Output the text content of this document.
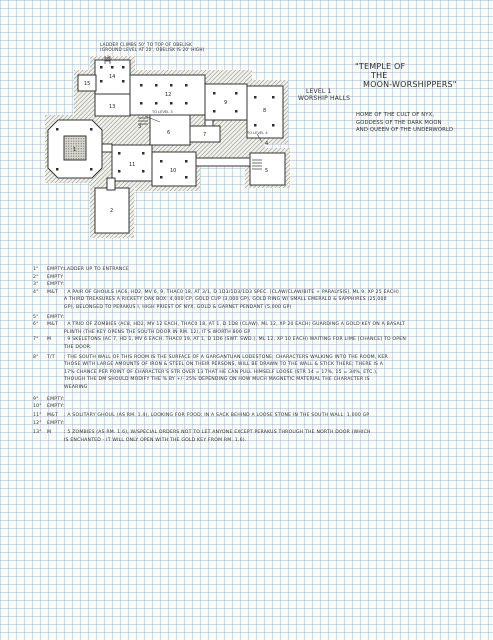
1
2
3
4
5
6	7
8
9
10
11
12
13
14
15
TO LEVEL 3
TO LEVEL 4
LADDER CLIMBS 50' TO TOP OF OBELISK
(GROUND LEVEL AT 20', OBELISK IS 20' HIGH)
LEVEL 1
WORSHIP HALLS
"TEMPLE OF
THE
MOON-WORSHIPPERS"
HOME OF THE CULT OF NYX,
GODDESS OF THE DARK MOON
AND QUEEN OF THE UNDERWORLD
1°	EMPTY: LADDER UP TO ENTRANCE
2°	EMPTY

3°	EMPTY:

4°	M&T	: A PAIR OF GHOULS (AC6, HD2, MV 6, 9, THAC0 18, AT 3/1, D 1D3/1D3/1D3 SPEC. [CLAW/CLAW/BITE + PARALYSIS], ML 9, XP 25 EACH)
A THIRD TREASURES A RICKETY OAK BOX: 4,000 CP, GOLD CUP (3,000 GP), GOLD RING W/ SMALL EMERALD & SAPPHIRES (25,000
GP), BELONGED TO PERAKUS I, HIGH PRIEST OF NYX, GOLD & GARNET PENDANT (5,000 GP)
5°	EMPTY:

6°	M&T	: A TRIO OF ZOMBIES (AC8, HD2, MV 12 EACH, THAC0 18, AT 1, D 1D8 (CLAW), ML 12, XP 20 EACH) GUARDING A GOLD KEY ON A BASALT
PLINTH (THE KEY OPENS THE SOUTH DOOR IN RM. 12), IT'S WORTH 800 GP
7°	M	: 9 SKELETONS (AC 7, HD 1, MV 6 EACH, THAC0 19, AT 1, D 1D6 (SWT. SWD.), ML 12, XP 10 EACH) WAITING FOR LIME [CHANCE] TO OPEN
THE DOOR.
8°	T/T	: THE SOUTH WALL OF THIS ROOM IS THE SURFACE OF A GARGANTUAN LODESTONE; CHARACTERS WALKING INTO THE ROOM, KER
THOSE WITH LARGE AMOUNTS OF IRON & STEEL ON THEIR PERSONS, WILL BE DRAWN TO THE WALL & STICK THERE; THERE IS A
17% CHANCE PER POINT OF CHARACTER'S STR OVER 13 THAT HE CAN PULL HIMSELF LOOSE (STR 14 = 17%, 15 = 34%, ETC.),
THOUGH THE DM SHOULD MODIFY THE % BY +/- 25% DEPENDING ON HOW MUCH MAGNETIC MATERIAL THE CHARACTER IS
WEARING
9°	EMPTY:

10°	EMPTY:

11°	M&T	: A SOLITARY GHOUL (AS RM. 1.4), LOOKING FOR FOOD; IN A SACK BEHIND A LOOSE STONE IN THE SOUTH WALL: 1,000 GP
12°	EMPTY:

13°	M	: 5 ZOMBIES (AS RM. 1.6), W/SPECIAL ORDERS NOT TO LET ANYONE EXCEPT PERAKUS THROUGH THE NORTH DOOR (WHICH
IS ENCHANTED - IT WILL ONLY OPEN WITH THE GOLD KEY FROM RM. 1.6).
